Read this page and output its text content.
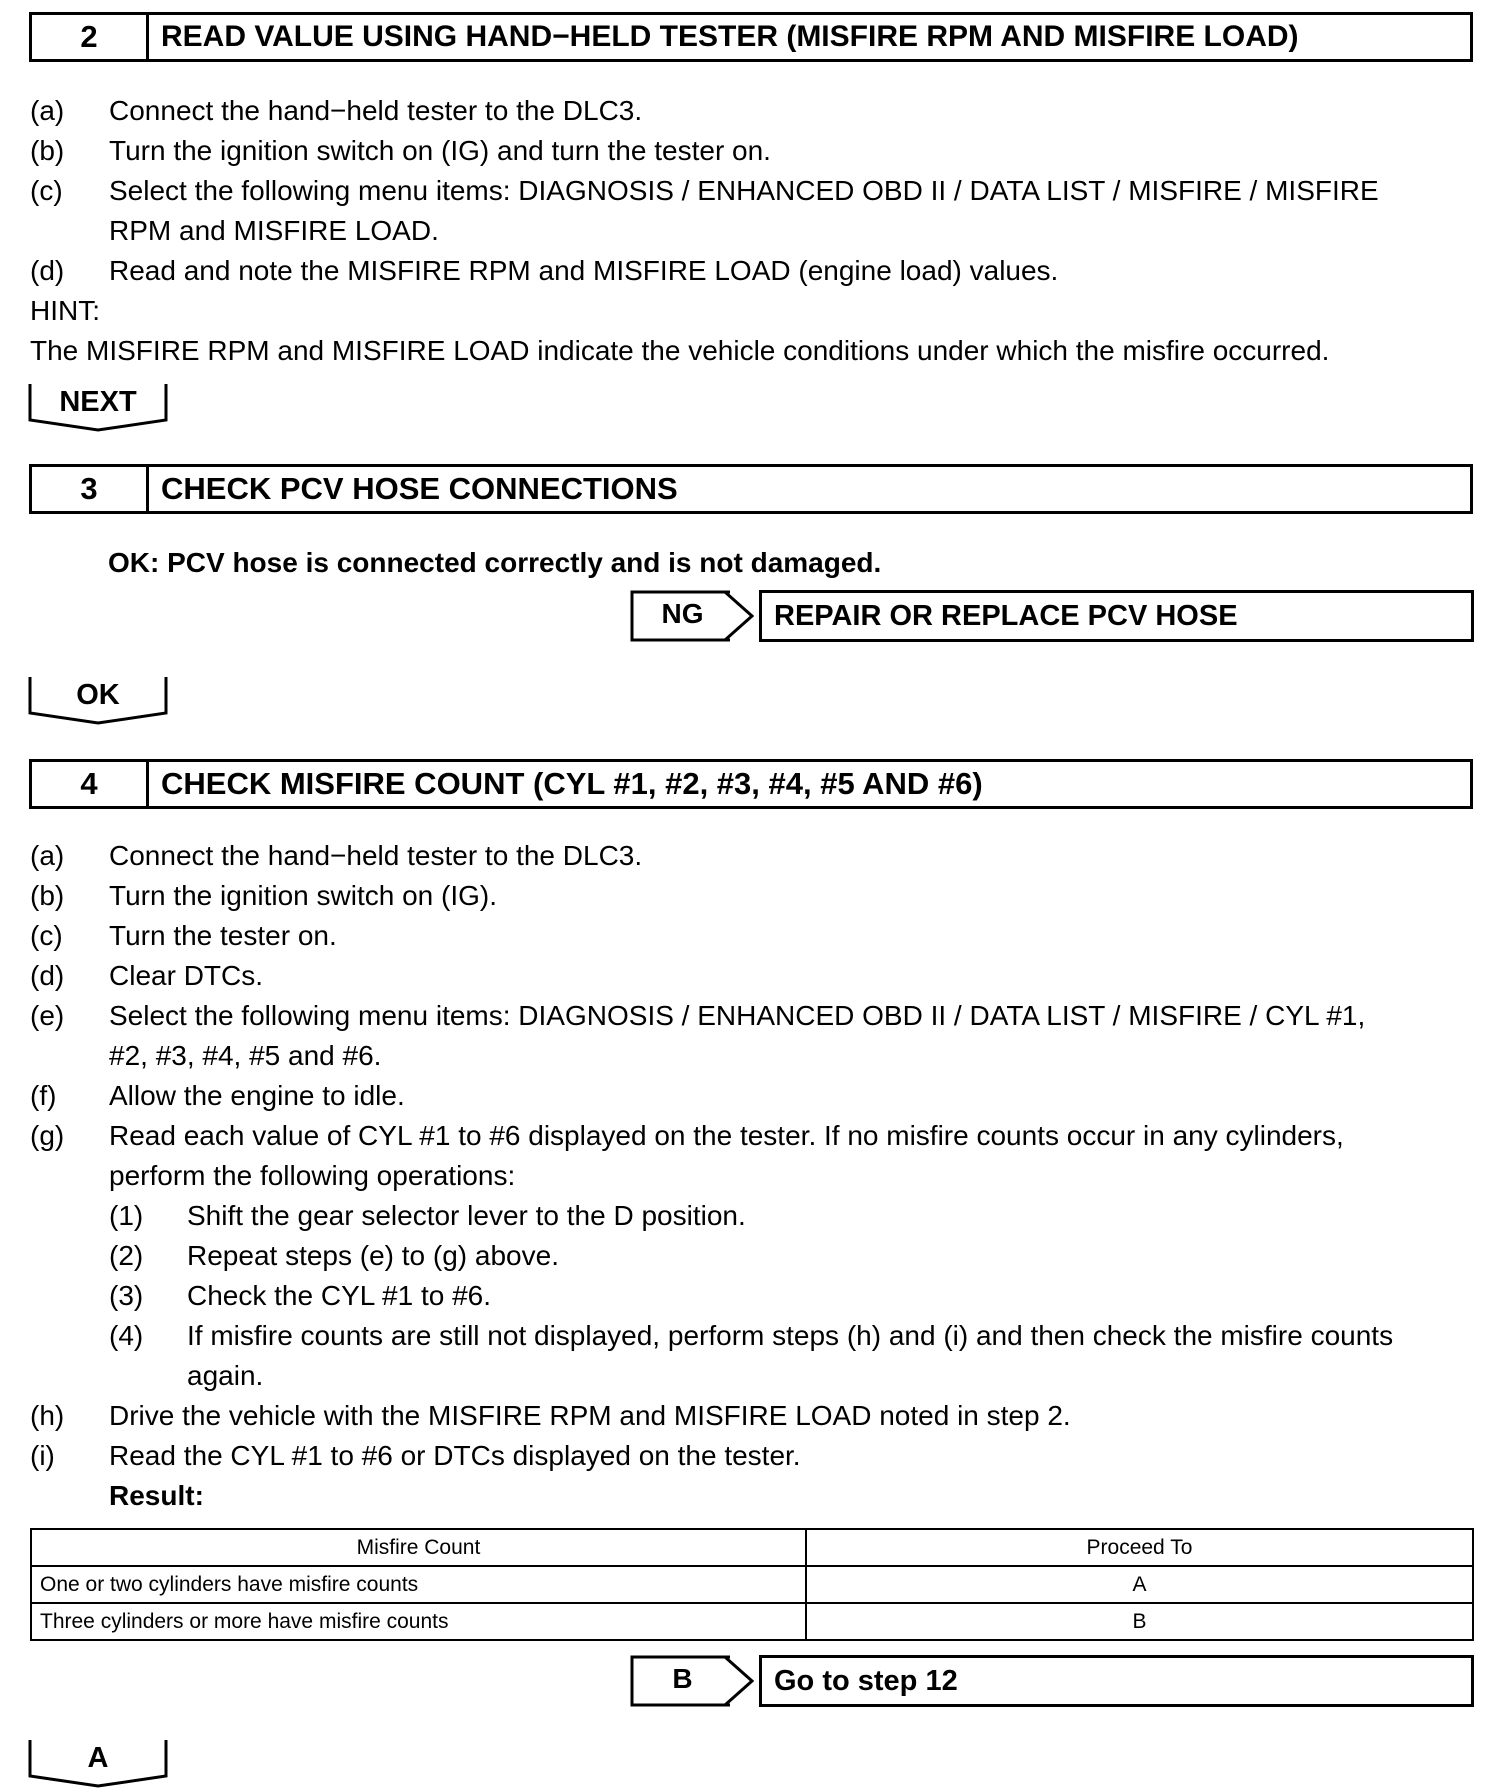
2	READ VALUE USING HAND−HELD TESTER (MISFIRE RPM AND MISFIRE LOAD)
(a) Connect the hand−held tester to the DLC3.
(b) Turn the ignition switch on (IG) and turn the tester on.
(c) Select the following menu items: DIAGNOSIS / ENHANCED OBD II / DATA LIST / MISFIRE / MISFIRE
RPM and MISFIRE LOAD.
(d) Read and note the MISFIRE RPM and MISFIRE LOAD (engine load) values.
HINT:
The MISFIRE RPM and MISFIRE LOAD indicate the vehicle conditions under which the misfire occurred.
NEXT
3	CHECK PCV HOSE CONNECTIONS
OK: PCV hose is connected correctly and is not damaged.
NG	REPAIR OR REPLACE PCV HOSE
OK
4	CHECK MISFIRE COUNT (CYL #1, #2, #3, #4, #5 AND #6)
(a) Connect the hand−held tester to the DLC3.
(b) Turn the ignition switch on (IG).
(c) Turn the tester on.
(d) Clear DTCs.
(e) Select the following menu items: DIAGNOSIS / ENHANCED OBD II / DATA LIST / MISFIRE / CYL #1,
#2, #3, #4, #5 and #6.
(f) Allow the engine to idle.
(g) Read each value of CYL #1 to #6 displayed on the tester. If no misfire counts occur in any cylinders,
perform the following operations:
(1) Shift the gear selector lever to the D position.
(2) Repeat steps (e) to (g) above.
(3) Check the CYL #1 to #6.
(4) If misfire counts are still not displayed, perform steps (h) and (i) and then check the misfire counts
again.
(h) Drive the vehicle with the MISFIRE RPM and MISFIRE LOAD noted in step 2.
(i) Read the CYL #1 to #6 or DTCs displayed on the tester.
Result:
Misfire Count	Proceed To
One or two cylinders have misfire counts	A
Three cylinders or more have misfire counts	B
B	Go to step 12
A
